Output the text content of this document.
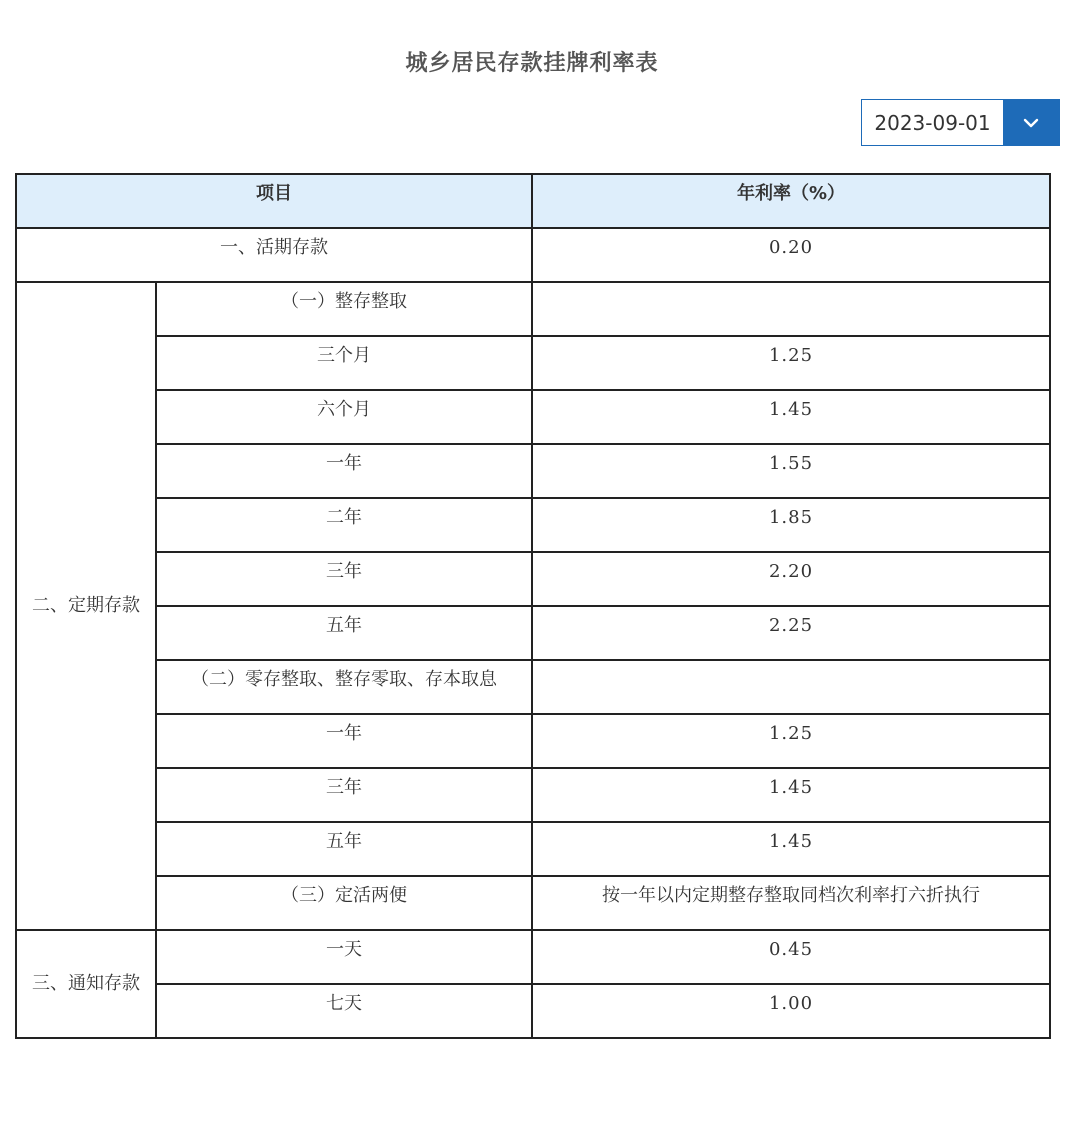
城乡居民存款挂牌利率表
2023-09-01
项目		年利率（%）

一、活期存款		0.20

二、定期存款	（一）整存整取	

	三个月	1.25

	六个月	1.45

	一年	1.55

	二年	1.85

	三年	2.20

	五年	2.25

	（二）零存整取、整存零取、存本取息	

	一年	1.25

	三年	1.45

	五年	1.45

	（三）定活两便	按一年以内定期整存整取同档次利率打六折执行

三、通知存款	一天	0.45

	七天	1.00
